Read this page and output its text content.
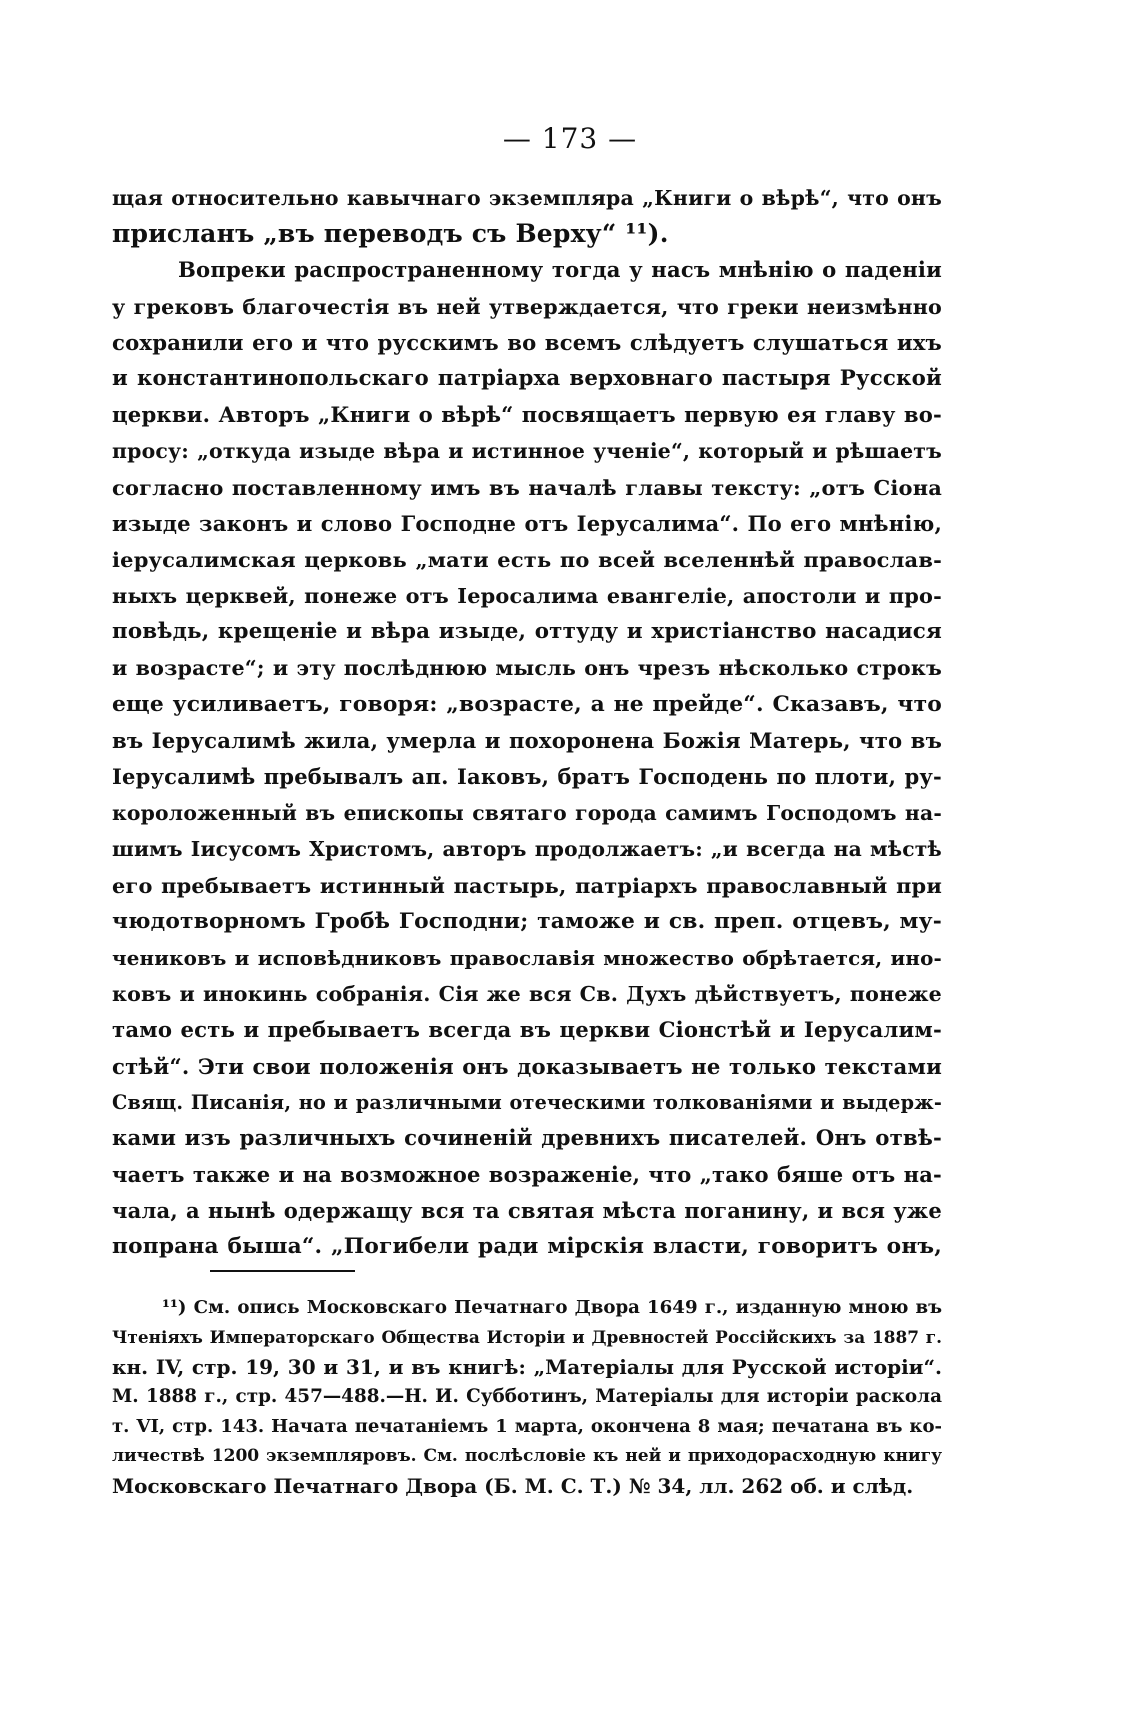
— 173 —
щая относительно кавычнаго экземпляра „Книги о вѣрѣ“, что онъ
присланъ „въ переводъ съ Верху“ ¹¹).
Вопреки распространенному тогда у насъ мнѣнію о паденіи
у грековъ благочестія въ ней утверждается, что греки неизмѣнно
сохранили его и что русскимъ во всемъ слѣдуетъ слушаться ихъ
и константинопольскаго патріарха верховнаго пастыря Русской
церкви. Авторъ „Книги о вѣрѣ“ посвящаетъ первую ея главу во-
просу: „откуда изыде вѣра и истинное ученіе“, который и рѣшаетъ
согласно поставленному имъ въ началѣ главы тексту: „отъ Сіона
изыде законъ и слово Господне отъ Іерусалима“. По его мнѣнію,
іерусалимская церковь „мати есть по всей вселеннѣй православ-
ныхъ церквей, понеже отъ Іеросалима евангеліе, апостоли и про-
повѣдь, крещеніе и вѣра изыде, оттуду и христіанство насадися
и возрасте“; и эту послѣднюю мысль онъ чрезъ нѣсколько строкъ
еще усиливаетъ, говоря: „возрасте, а не прейде“. Сказавъ, что
въ Іерусалимѣ жила, умерла и похоронена Божія Матерь, что въ
Іерусалимѣ пребывалъ ап. Іаковъ, братъ Господень по плоти, ру-
кopоложенный въ епископы святаго города самимъ Господомъ на-
шимъ Іисусомъ Христомъ, авторъ продолжаетъ: „и всегда на мѣстѣ
его пребываетъ истинный пастырь, патріархъ православный при
чюдотворномъ Гробѣ Господни; таможе и св. преп. отцевъ, му-
чениковъ и исповѣдниковъ православія множество обрѣтается, ино-
ковъ и инокинь собранія. Сія же вся Св. Духъ дѣйствуетъ, понеже
тамо есть и пребываетъ всегда въ церкви Сіонстѣй и Іерусалим-
стѣй“. Эти свои положенія онъ доказываетъ не только текстами
Свящ. Писанія, но и различными отеческими толкованіями и выдерж-
ками изъ различныхъ сочиненій древнихъ писателей. Онъ отвѣ-
чаетъ также и на возможное возраженіе, что „тако бяше отъ на-
чала, а нынѣ одержащу вся та святая мѣста поганину, и вся уже
попрана быша“. „Погибели ради мірскія власти, говоритъ онъ,
¹¹) См. опись Московскаго Печатнаго Двора 1649 г., изданную мною въ
Чтеніяхъ Императорскаго Общества Исторіи и Древностей Россійскихъ за 1887 г.
кн. IV, стр. 19, 30 и 31, и въ книгѣ: „Матеріалы для Русской исторіи“.
М. 1888 г., стр. 457—488.—Н. И. Субботинъ, Матеріалы для исторіи раскола
т. VI, стр. 143. Начата печатаніемъ 1 марта, окончена 8 мая; печатана въ ко-
личествѣ 1200 экземпляровъ. См. послѣсловіе къ ней и приходорасходную книгу
Московскаго Печатнаго Двора (Б. М. С. Т.) № 34, лл. 262 об. и слѣд.
